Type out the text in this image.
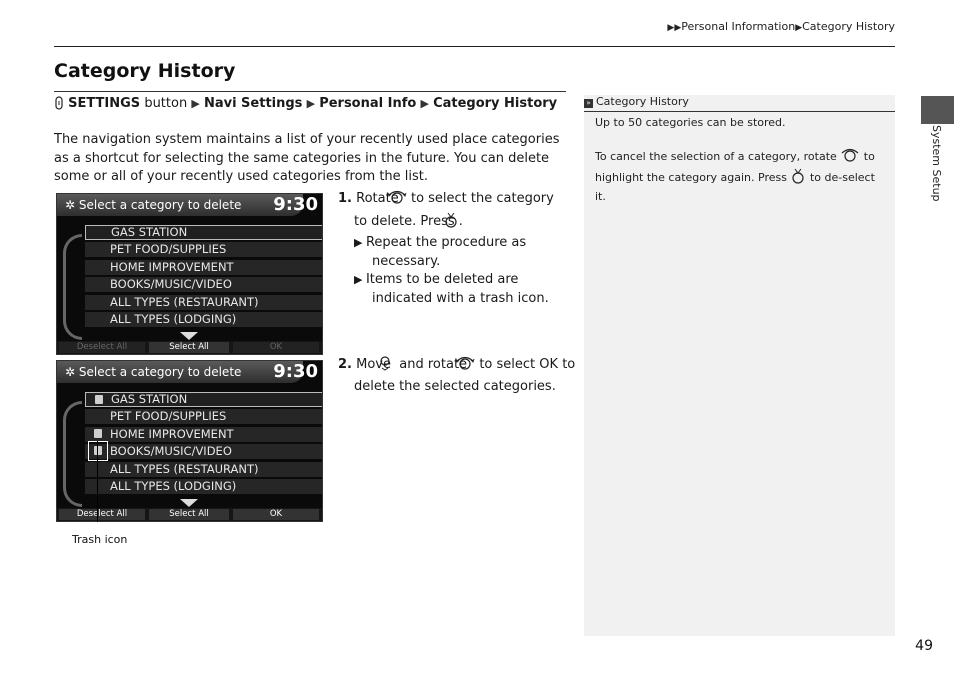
▶▶Personal Information▶Category History
Category History
SETTINGS button ▶ Navi Settings ▶ Personal Info ▶ Category History
The navigation system maintains a list of your recently used place categories as a shortcut for selecting the same categories in the future. You can delete some or all of your recently used categories from the list.
✲ Select a category to delete	9:30
GAS STATION
PET FOOD/SUPPLIES
HOME IMPROVEMENT
BOOKS/MUSIC/VIDEO
ALL TYPES (RESTAURANT)
ALL TYPES (LODGING)
Deselect All	Select All	OK
✲ Select a category to delete	9:30
GAS STATION
PET FOOD/SUPPLIES
HOME IMPROVEMENT
BOOKS/MUSIC/VIDEO
ALL TYPES (RESTAURANT)
ALL TYPES (LODGING)
Deselect All	Select All	OK
Trash icon
1. Rotate to select the category to delete. Press .
▶ Repeat the procedure as necessary.
▶ Items to be deleted are indicated with a trash icon.
2. Move and rotate to select OK to delete the selected categories.
» Category History
Up to 50 categories can be stored.
To cancel the selection of a category, rotate to highlight the category again. Press to de-select it.	System Setup
49
